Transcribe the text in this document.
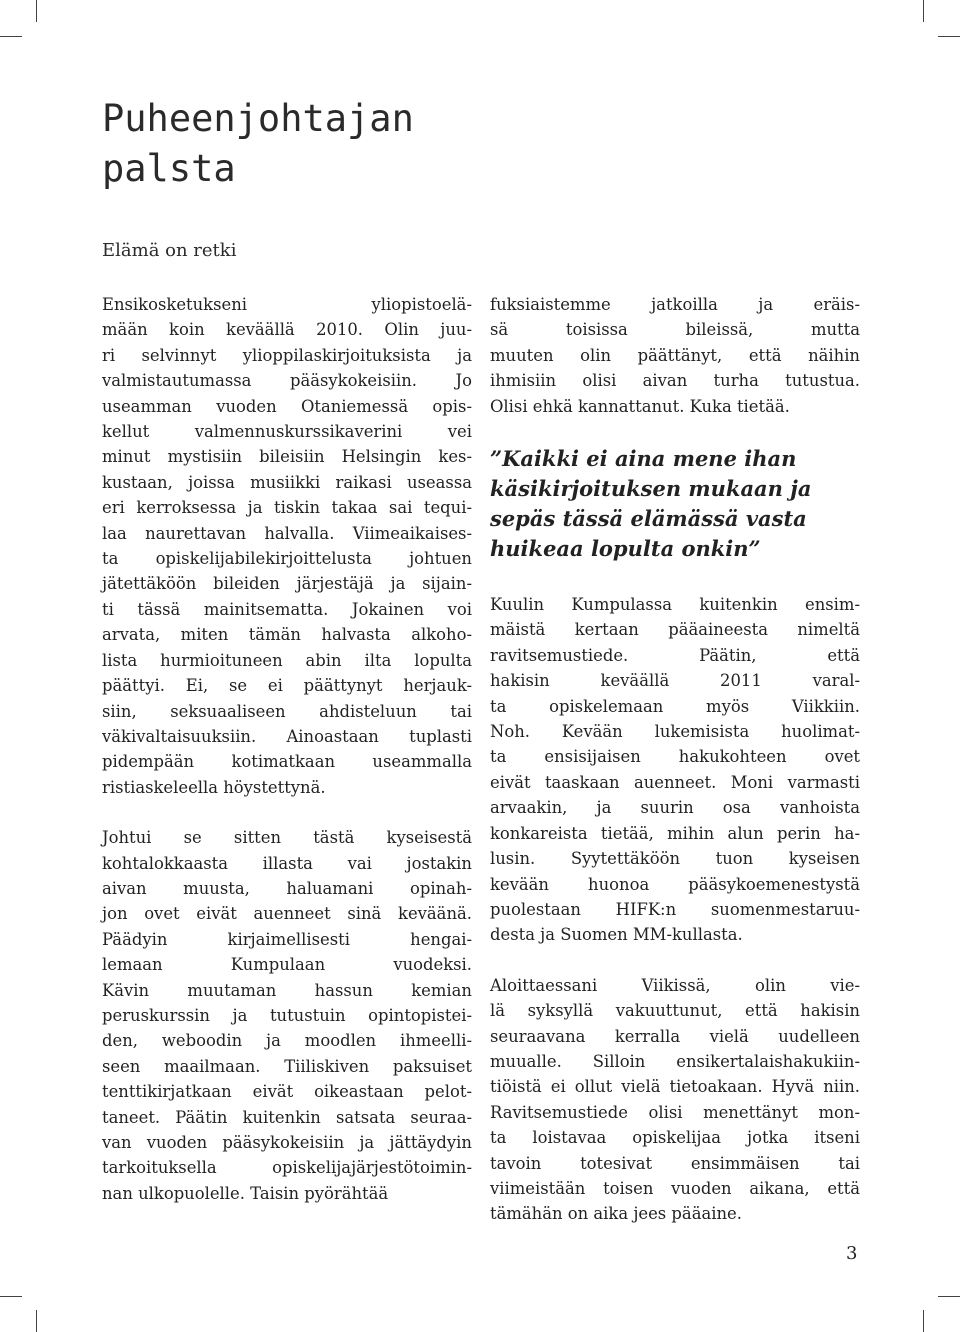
Puheenjohtajan
palsta
Elämä on retki

Ensikosketukseni yliopistoelä-
mään koin keväällä 2010. Olin juu-
ri selvinnyt ylioppilaskirjoituksista ja
valmistautumassa pääsykokeisiin. Jo
useamman vuoden Otaniemessä opis-
kellut valmennuskurssikaverini vei
minut mystisiin bileisiin Helsingin kes-
kustaan, joissa musiikki raikasi useassa
eri kerroksessa ja tiskin takaa sai tequi-
laa naurettavan halvalla. Viimeaikaises-
ta opiskelijabilekirjoittelusta johtuen
jätettäköön bileiden järjestäjä ja sijain-
ti tässä mainitsematta. Jokainen voi
arvata, miten tämän halvasta alkoho-
lista hurmioituneen abin ilta lopulta
päättyi. Ei, se ei päättynyt herjauk-
siin, seksuaaliseen ahdisteluun tai
väkivaltaisuuksiin. Ainoastaan tuplasti
pidempään kotimatkaan useammalla
ristiaskeleella höystettynä.

Johtui se sitten tästä kyseisestä
kohtalokkaasta illasta vai jostakin
aivan muusta, haluamani opinah-
jon ovet eivät auenneet sinä keväänä.
Päädyin kirjaimellisesti hengai-
lemaan Kumpulaan vuodeksi.
Kävin muutaman hassun kemian
peruskurssin ja tutustuin opintopistei-
den, weboodin ja moodlen ihmeelli-
seen maailmaan. Tiiliskiven paksuiset
tenttikirjatkaan eivät oikeastaan pelot-
taneet. Päätin kuitenkin satsata seuraa-
van vuoden pääsykokeisiin ja jättäydyin
tarkoituksella opiskelijajärjestötoimin-
nan ulkopuolelle. Taisin pyörähtää

fuksiaistemme jatkoilla ja eräis-
sä toisissa bileissä, mutta
muuten olin päättänyt, että näihin
ihmisiin olisi aivan turha tutustua.
Olisi ehkä kannattanut. Kuka tietää.

”Kaikki ei aina mene ihan
käsikirjoituksen mukaan ja
sepäs tässä elämässä vasta
huikeaa lopulta onkin”

Kuulin Kumpulassa kuitenkin ensim-
mäistä kertaan pääaineesta nimeltä
ravitsemustiede. Päätin, että
hakisin keväällä 2011 varal-
ta opiskelemaan myös Viikkiin.
Noh. Kevään lukemisista huolimat-
ta ensisijaisen hakukohteen ovet
eivät taaskaan auenneet. Moni varmasti
arvaakin, ja suurin osa vanhoista
konkareista tietää, mihin alun perin ha-
lusin. Syytettäköön tuon kyseisen
kevään huonoa pääsykoemenestystä
puolestaan HIFK:n suomenmestaruu-
desta ja Suomen MM-kullasta.

Aloittaessani Viikissä, olin vie-
lä syksyllä vakuuttunut, että hakisin
seuraavana kerralla vielä uudelleen
muualle. Silloin ensikertalaishakukiin-
tiöistä ei ollut vielä tietoakaan. Hyvä niin.
Ravitsemustiede olisi menettänyt mon-
ta loistavaa opiskelijaa jotka itseni
tavoin totesivat ensimmäisen tai
viimeistään toisen vuoden aikana, että
tämähän on aika jees pääaine.

3
